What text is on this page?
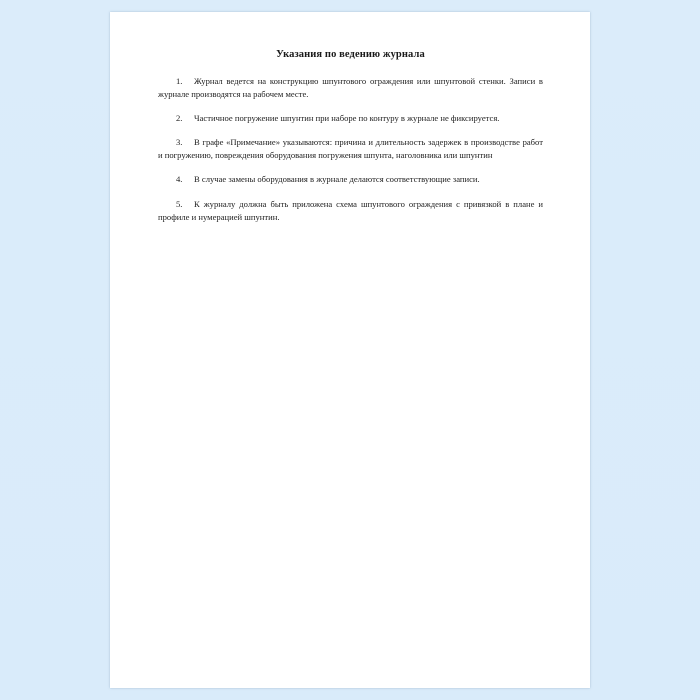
Указания по ведению журнала

1. Журнал ведется на конструкцию шпунтового ограждения или шпунтовой стенки. Записи в журнале производятся на рабочем месте.

2. Частичное погружение шпунтин при наборе по контуру в журнале не фиксируется.

3. В графе «Примечание» указываются: причина и длительность задержек в производстве работ и погружению, повреждения оборудования погружения шпунта, наголовника или шпунтин

4. В случае замены оборудования в журнале делаются соответствующие записи.

5. К журналу должна быть приложена схема шпунтового ограждения с привязкой в плане и профиле и нумерацией шпунтин.
